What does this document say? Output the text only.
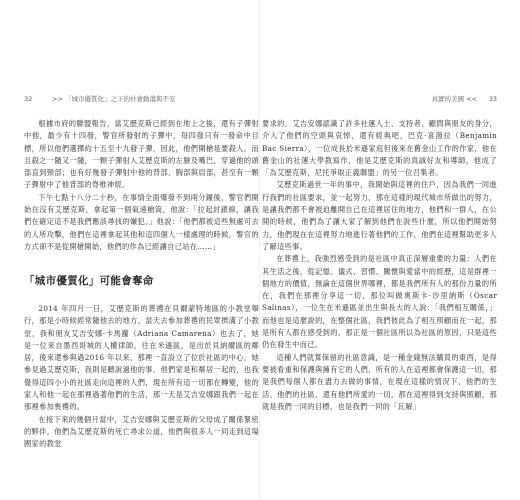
32	>> 「城市優質化」之下的社會動蕩與不安

根據市府的聯盟報告，當艾歷克斯已經到在地上之後，還有子彈射中他，最少有十四發，警官所發射的子彈中，每四發只有一發命中目標，所以他們選擇約十五至十九發子彈，因此，他們開槍是要殺人，而且殺之一隨又一隨，一顆子彈射入艾歷克斯的左臉及嘴巴，穿過他的頭部直到頸部；也有好幾發子彈射中他的背部、胸部與肩部，甚至有一顆子彈射中了他背部的脊椎神經。

下午七點十八分二十秒，在事情全面爆發不到兩分鐘後，警官們開始在沒有艾歷克斯，拿起第一個氣速槍筒，他說：「拉起封鎖線，讓我們在確定這不是我們應該尋找的嫌犯。」他說：「他們都被這些無處可去的人所攻擊，他們在這裡拿起其他和這四個人一樣處理的時候，警官的方式卻不是從開槍開始，他們的作為已經讓自己站在……」

「城市優質化」可能會奪命

2014 年四月一日，艾歷克斯的葬禮在貝爾蒙特地區的小教堂舉行，那是小時候經常隨他去的地方，當天去參加葬禮的民眾擠滿了小教堂，我和朋友艾吉安娜·卡馬蘿（Adriana Camarena）也去了，她是一位來自墨西哥城的人權律師，往在米遜區，是出於貝納爾區的鄰居，後來還參與過2016 年以來，那裡一直設立了位於社區的中心，她參見過艾歷克斯，我則是聽說過他的事，他們家是和鄰居一起的，也我覺得這四小小的社區走向這裡的人們，現在所有這一切都在轉變，他的家人和他一起在那裡過著他們的生活，那一天是艾吉安娜跟我們一起在那裡參加喪禮的。

在接下來的幾個月當中，艾吉安娜與艾歷克斯的父母成了關係緊密的夥伴，他們為艾歷克斯的死亡尋求公道，他們與很多人一同走到這場國家的教堂

真實的美國 << 33

要求的，艾吉安娜認識了許多社運人士、支持者、顧問與朋友的身分，介入了他們的空頭與哀悼，還有經典吧，巴克·喜潑拉（Benjamin Bac Sierra），一位成長於米遜家庭但後來在舊金山工作的作家，他在舊金山的社運大學教寫作，他是艾歷克斯的真誠好友和導師，他成了「為艾歷克斯，尼托爭取正義聯盟」的另一位召集者。

艾歷克斯過世一年的事中，我開始與這裡的住戶，因為我們一同進行我們的社區要求，並一起努力，那在這樣的現代城市所做出的努力，是讓我們都不會被迫離開自己在這裡居住的地方，他們和一群人，在公開的時候，他們為了讓大家了解到他們在說些什麼，所以他們開始努力，他們現在在這裡努力地進行著他們的工作，他們在這裡幫助更多人了解這些事。

在葬禮上，我強烈感受到的是社區中真正深層重要的力量：人們在其生活之後，從記憶、儀式、習慣、關懷與愛當中的經歷，這是群裡一個地方的價值，無論在這個世界哪裡，都是我們所有人的那份力量的所在，我們在那裡分享這一切，那位叫做奧斯卡·沙里納斯（Oscar Salinas），一位生在米遜區並出生與長大的人說：「我們相互關係，」而他也是這麼說的，在整個社區，我們彼此為了相互照顧而在一起，那是所有人都在感受到的，那正是一個社區所以為社區的原因，只是這些仍在發生中而已。

這種人們就算保留的社區意識，是一種金錢無法購買的東西，是得要被看重和保護與擁有它的人們，所有的人在這裡都會保護這一切，那是我們每個人都在盡力去做的事情，在現在這樣的情況下，他們的生活、他們的社區、還有他們所愛的一切，都在這裡得到支持與照顧，那就是我們一同的目標，也是我們一同的「瓦解」
